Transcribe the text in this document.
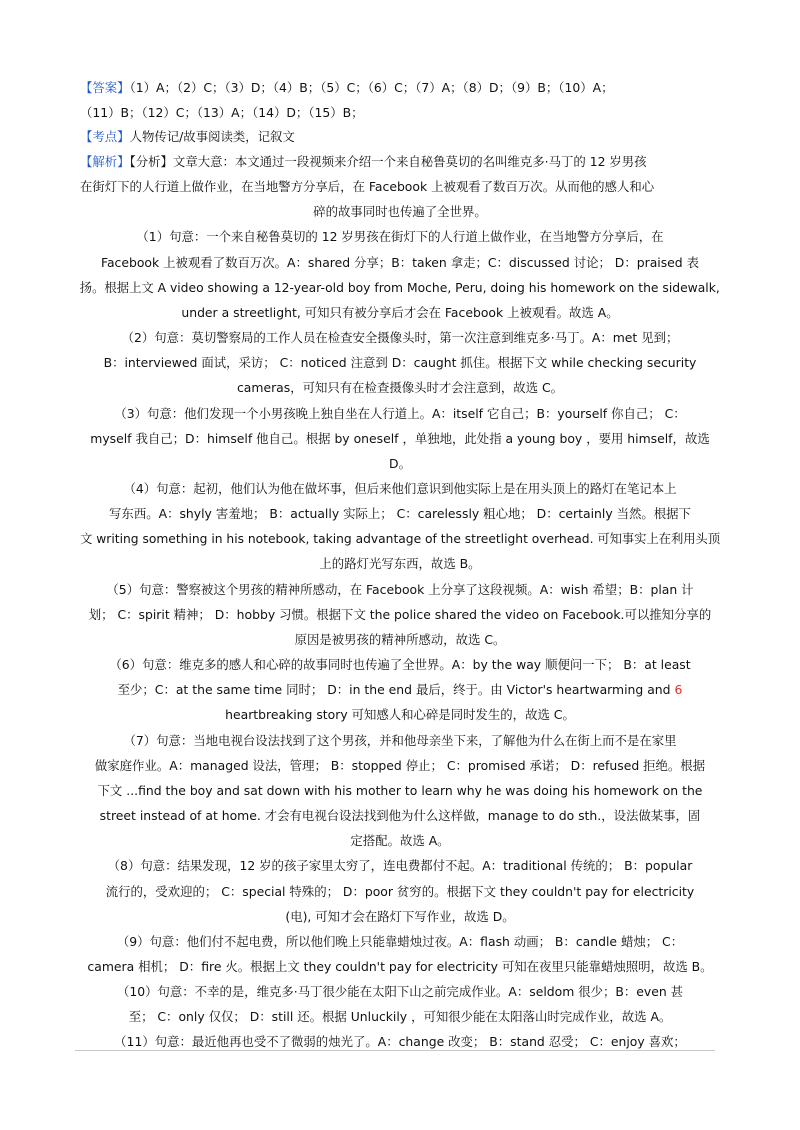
【答案】（1）A；（2）C；（3）D；（4）B；（5）C；（6）C；（7）A；（8）D；（9）B；（10）A；
（11）B；（12）C；（13）A；（14）D；（15）B；
【考点】人物传记/故事阅读类，记叙文
【解析】【分析】文章大意：本文通过一段视频来介绍一个来自秘鲁莫切的名叫维克多·马丁的 12 岁男孩
在街灯下的人行道上做作业，在当地警方分享后，在 Facebook 上被观看了数百万次。从而他的感人和心
碎的故事同时也传遍了全世界。
（1）句意：一个来自秘鲁莫切的 12 岁男孩在街灯下的人行道上做作业，在当地警方分享后，在
Facebook 上被观看了数百万次。A：shared 分享；B：taken 拿走；C：discussed 讨论； D：praised 表
扬。根据上文 A video showing a 12-year-old boy from Moche, Peru, doing his homework on the sidewalk,
under a streetlight, 可知只有被分享后才会在 Facebook 上被观看。故选 A。
（2）句意：莫切警察局的工作人员在检查安全摄像头时，第一次注意到维克多·马丁。A：met 见到；
B：interviewed 面试，采访； C：noticed 注意到 D：caught 抓住。根据下文 while checking security
cameras，可知只有在检查摄像头时才会注意到，故选 C。
（3）句意：他们发现一个小男孩晚上独自坐在人行道上。A：itself 它自己；B：yourself 你自己； C：
myself 我自己；D：himself 他自己。根据 by oneself ，单独地，此处指 a young boy ，要用 himself，故选
D。
（4）句意：起初，他们认为他在做坏事，但后来他们意识到他实际上是在用头顶上的路灯在笔记本上
写东西。A：shyly 害羞地； B：actually 实际上； C：carelessly 粗心地； D：certainly 当然。根据下
文 writing something in his notebook, taking advantage of the streetlight overhead. 可知事实上在利用头顶
上的路灯光写东西，故选 B。
（5）句意：警察被这个男孩的精神所感动，在 Facebook 上分享了这段视频。A：wish 希望；B：plan 计
划； C：spirit 精神； D：hobby 习惯。根据下文 the police shared the video on Facebook.可以推知分享的
原因是被男孩的精神所感动，故选 C。
（6）句意：维克多的感人和心碎的故事同时也传遍了全世界。A：by the way 顺便问一下； B：at least
至少；C：at the same time 同时； D：in the end 最后，终于。由 Victor's heartwarming and 6
heartbreaking story 可知感人和心碎是同时发生的，故选 C。
（7）句意：当地电视台设法找到了这个男孩，并和他母亲坐下来，了解他为什么在街上而不是在家里
做家庭作业。A：managed 设法，管理； B：stopped 停止； C：promised 承诺； D：refused 拒绝。根据
下文 ...find the boy and sat down with his mother to learn why he was doing his homework on the
street instead of at home. 才会有电视台设法找到他为什么这样做，manage to do sth.，设法做某事，固
定搭配。故选 A。
（8）句意：结果发现，12 岁的孩子家里太穷了，连电费都付不起。A：traditional 传统的； B：popular
流行的，受欢迎的； C：special 特殊的； D：poor 贫穷的。根据下文 they couldn't pay for electricity
(电), 可知才会在路灯下写作业，故选 D。
（9）句意：他们付不起电费，所以他们晚上只能靠蜡烛过夜。A：flash 动画； B：candle 蜡烛； C：
camera 相机； D：fire 火。根据上文 they couldn't pay for electricity 可知在夜里只能靠蜡烛照明，故选 B。
（10）句意：不幸的是，维克多·马丁很少能在太阳下山之前完成作业。A：seldom 很少；B：even 甚
至； C：only 仅仅； D：still 还。根据 Unluckily ，可知很少能在太阳落山时完成作业，故选 A。
（11）句意：最近他再也受不了微弱的烛光了。A：change 改变； B：stand 忍受； C：enjoy 喜欢；
